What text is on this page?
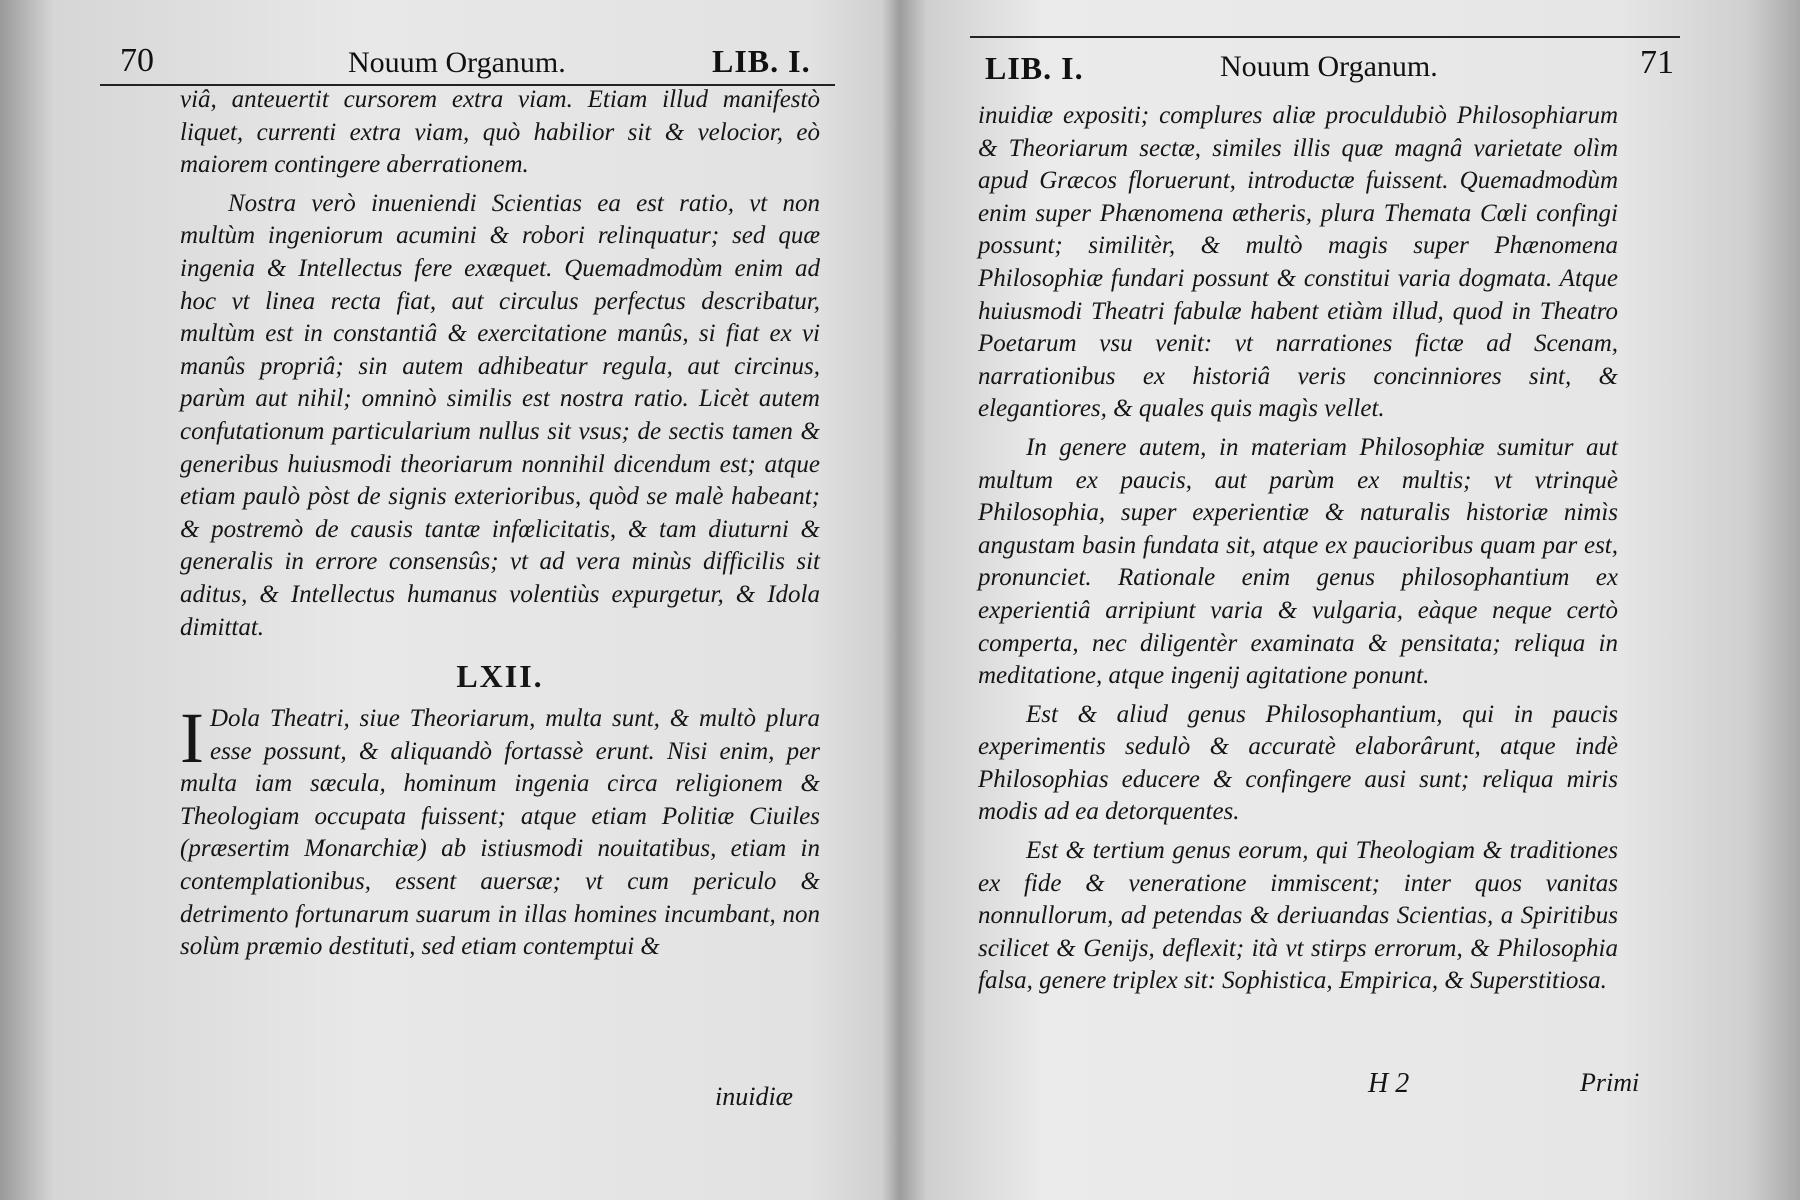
70	Nouum Organum.	LIB. I.

viâ, anteuertit cursorem extra viam. Etiam illud manifestò liquet, currenti extra viam, quò habilior sit & velocior, eò maiorem contingere aberrationem.

Nostra verò inueniendi Scientias ea est ratio, vt non multùm ingeniorum acumini & robori relinquatur; sed quæ ingenia & Intellectus fere exæquet. Quemadmodùm enim ad hoc vt linea recta fiat, aut circulus perfectus describatur, multùm est in constantiâ & exercitatione manûs, si fiat ex vi manûs propriâ; sin autem adhibeatur regula, aut circinus, parùm aut nihil; omninò similis est nostra ratio. Licèt autem confutationum particularium nullus sit vsus; de sectis tamen & generibus huiusmodi theoriarum nonnihil dicendum est; atque etiam paulò pòst de signis exterioribus, quòd se malè habeant; & postremò de causis tantæ infœlicitatis, & tam diuturni & generalis in errore consensûs; vt ad vera minùs difficilis sit aditus, & Intellectus humanus volentiùs expurgetur, & Idola dimittat.

LXII.

I Dola Theatri, siue Theoriarum, multa sunt, & multò plura esse possunt, & aliquandò fortassè erunt. Nisi enim, per multa iam sæcula, hominum ingenia circa religionem & Theologiam occupata fuissent; atque etiam Politiæ Ciuiles (præsertim Monarchiæ) ab istiusmodi nouitatibus, etiam in contemplationibus, essent auersæ; vt cum periculo & detrimento fortunarum suarum in illas homines incumbant, non solùm præmio destituti, sed etiam contemptui &

inuidiæ
LIB. I.	Nouum Organum.	71

inuidiæ expositi; complures aliæ proculdubiò Philosophiarum & Theoriarum sectæ, similes illis quæ magnâ varietate olìm apud Græcos floruerunt, introductæ fuissent. Quemadmodùm enim super Phænomena ætheris, plura Themata Cœli confingi possunt; similitèr, & multò magis super Phænomena Philosophiæ fundari possunt & constitui varia dogmata. Atque huiusmodi Theatri fabulæ habent etiàm illud, quod in Theatro Poetarum vsu venit: vt narrationes fictæ ad Scenam, narrationibus ex historiâ veris concinniores sint, & elegantiores, & quales quis magìs vellet.

In genere autem, in materiam Philosophiæ sumitur aut multum ex paucis, aut parùm ex multis; vt vtrinquè Philosophia, super experientiæ & naturalis historiæ nimìs angustam basin fundata sit, atque ex paucioribus quam par est, pronunciet. Rationale enim genus philosophantium ex experientiâ arripiunt varia & vulgaria, eàque neque certò comperta, nec diligentèr examinata & pensitata; reliqua in meditatione, atque ingenij agitatione ponunt.

Est & aliud genus Philosophantium, qui in paucis experimentis sedulò & accuratè elaborârunt, atque indè Philosophias educere & confingere ausi sunt; reliqua miris modis ad ea detorquentes.

Est & tertium genus eorum, qui Theologiam & traditiones ex fide & veneratione immiscent; inter quos vanitas nonnullorum, ad petendas & deriuandas Scientias, a Spiritibus scilicet & Genijs, deflexit; ità vt stirps errorum, & Philosophia falsa, genere triplex sit: Sophistica, Empirica, & Superstitiosa.

H 2	Primi
